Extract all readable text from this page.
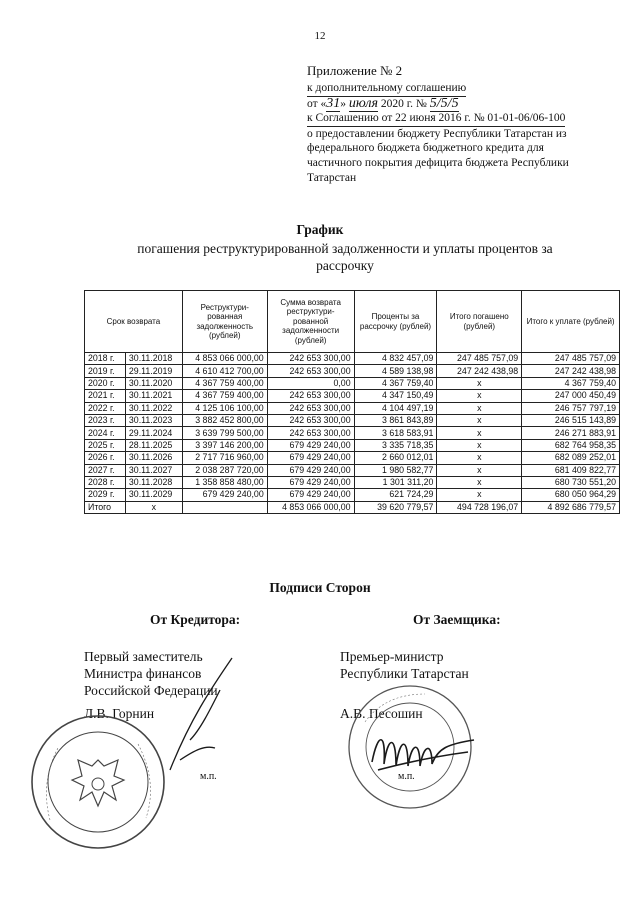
12
Приложение № 2
к дополнительному соглашению
от «31» июля 2020 г. № 5/5/5
к Соглашению от 22 июня 2016 г. № 01-01-06/06-100
о предоставлении бюджету Республики Татарстан из
федерального бюджета бюджетного кредита для
частичного покрытия дефицита бюджета Республики
Татарстан
График
погашения реструктурированной задолженности и уплаты процентов за рассрочку
Срок возврата		Реструктури-рованная задолженность (рублей)	Сумма возврата реструктури-рованной задолженности (рублей)	Проценты за рассрочку (рублей)	Итого погашено (рублей)	Итого к уплате (рублей)
2018 г.	30.11.2018	4 853 066 000,00	242 653 300,00	4 832 457,09	247 485 757,09	247 485 757,09
2019 г.	29.11.2019	4 610 412 700,00	242 653 300,00	4 589 138,98	247 242 438,98	247 242 438,98
2020 г.	30.11.2020	4 367 759 400,00	0,00	4 367 759,40	x	4 367 759,40
2021 г.	30.11.2021	4 367 759 400,00	242 653 300,00	4 347 150,49	x	247 000 450,49
2022 г.	30.11.2022	4 125 106 100,00	242 653 300,00	4 104 497,19	x	246 757 797,19
2023 г.	30.11.2023	3 882 452 800,00	242 653 300,00	3 861 843,89	x	246 515 143,89
2024 г.	29.11.2024	3 639 799 500,00	242 653 300,00	3 618 583,91	x	246 271 883,91
2025 г.	28.11.2025	3 397 146 200,00	679 429 240,00	3 335 718,35	x	682 764 958,35
2026 г.	30.11.2026	2 717 716 960,00	679 429 240,00	2 660 012,01	x	682 089 252,01
2027 г.	30.11.2027	2 038 287 720,00	679 429 240,00	1 980 582,77	x	681 409 822,77
2028 г.	30.11.2028	1 358 858 480,00	679 429 240,00	1 301 311,20	x	680 730 551,20
2029 г.	30.11.2029	679 429 240,00	679 429 240,00	621 724,29	x	680 050 964,29
Итого	x		4 853 066 000,00	39 620 779,57	494 728 196,07	4 892 686 779,57
Подписи Сторон
От Кредитора:	От Заемщика:
Первый заместитель
Министра финансов
Российской Федерации
Премьер-министр
Республики Татарстан
Л.В. Горнин	А.В. Песошин
м.п.	м.п.
